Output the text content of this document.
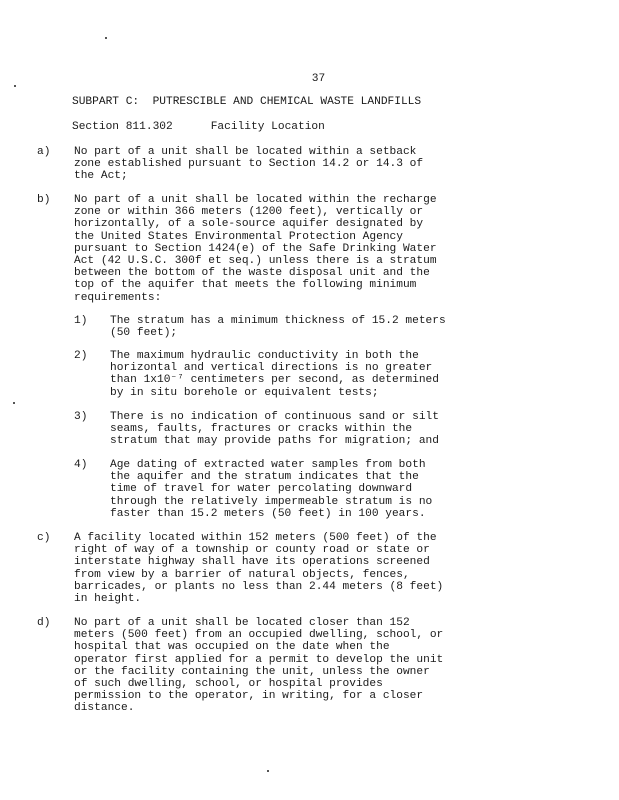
37
SUBPART C:  PUTRESCIBLE AND CHEMICAL WASTE LANDFILLS
Section 811.302	Facility Location
a) No part of a unit shall be located within a setback
zone established pursuant to Section 14.2 or 14.3 of
the Act;
b) No part of a unit shall be located within the recharge
zone or within 366 meters (1200 feet), vertically or
horizontally, of a sole-source aquifer designated by
the United States Environmental Protection Agency
pursuant to Section 1424(e) of the Safe Drinking Water
Act (42 U.S.C. 300f et seq.) unless there is a stratum
between the bottom of the waste disposal unit and the
top of the aquifer that meets the following minimum
requirements:
1) The stratum has a minimum thickness of 15.2 meters
(50 feet);
2) The maximum hydraulic conductivity in both the
horizontal and vertical directions is no greater
than 1x10⁻⁷ centimeters per second, as determined
by in situ borehole or equivalent tests;
3) There is no indication of continuous sand or silt
seams, faults, fractures or cracks within the
stratum that may provide paths for migration; and
4) Age dating of extracted water samples from both
the aquifer and the stratum indicates that the
time of travel for water percolating downward
through the relatively impermeable stratum is no
faster than 15.2 meters (50 feet) in 100 years.
c) A facility located within 152 meters (500 feet) of the
right of way of a township or county road or state or
interstate highway shall have its operations screened
from view by a barrier of natural objects, fences,
barricades, or plants no less than 2.44 meters (8 feet)
in height.
d) No part of a unit shall be located closer than 152
meters (500 feet) from an occupied dwelling, school, or
hospital that was occupied on the date when the
operator first applied for a permit to develop the unit
or the facility containing the unit, unless the owner
of such dwelling, school, or hospital provides
permission to the operator, in writing, for a closer
distance.
